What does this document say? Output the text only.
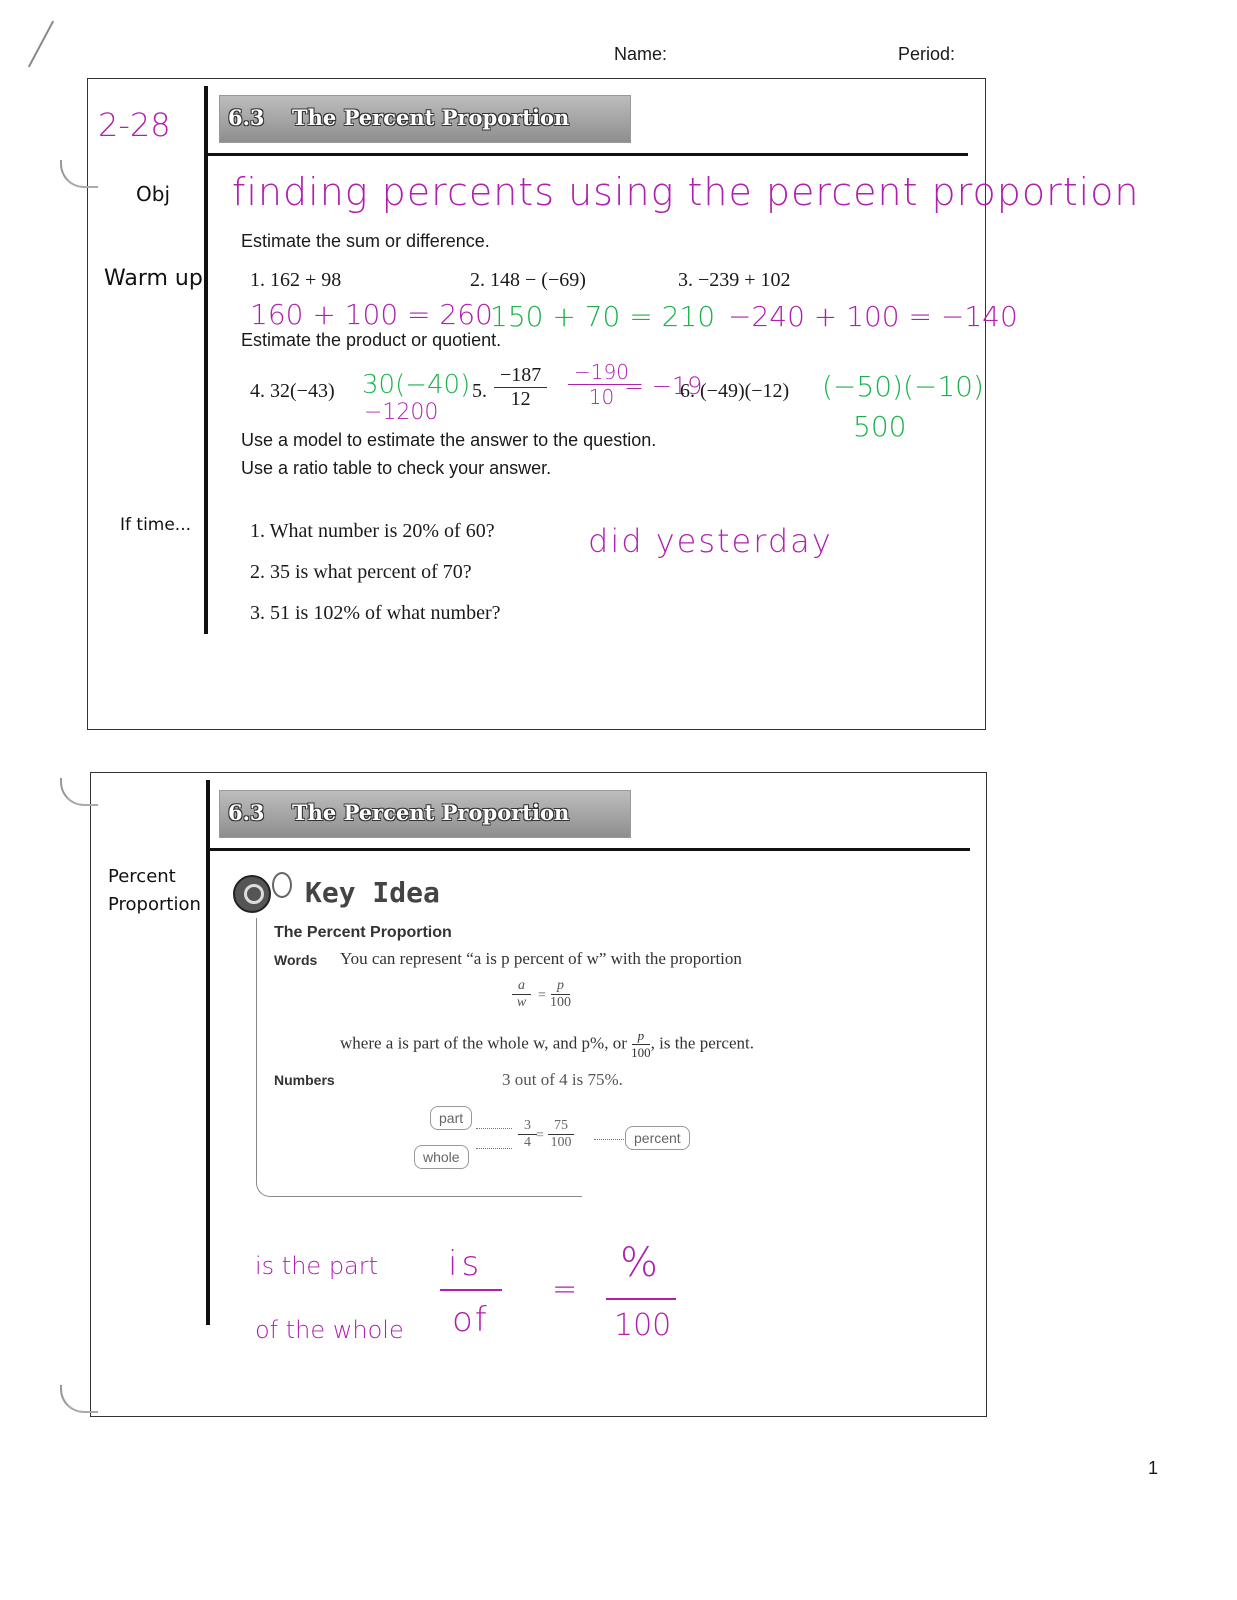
Name:	Period:
6.3 The Percent Proportion
2-28
Obj finding percents using the percent proportion
Warm up
If time...
Estimate the sum or difference.
1. 162 + 98	2. 148 − (−69)	3. −239 + 102
160 + 100 = 260
150 + 70 = 210 −240 + 100 = −140
Estimate the product or quotient.
4. 32(−43) 30(−40)
−1200
5. $\frac{-187}{12} \frac{-190}{10}$
= −19
6. (−49)(−12) (−50)(−10)
500
Use a model to estimate the answer to the question. Use a ratio table to check your answer.
1. What number is 20% of 60?
2. 35 is what percent of 70?
3. 51 is 102% of what number?
did yesterday
6.3 The Percent Proportion
Percent
Proportion	Key Idea
The Percent Proportion
Words You can represent “a is p percent of w” with the proportion
$\frac{a}{w} = \frac{p}{100}$
where a is part of the whole w, and p%, or $\frac{p}{100}$ , is the percent.
Numbers	3 out of 4 is 75%.
part
whole
percent
$\frac{3}{4} = \frac{75}{100}$
is the part
of the whole
is
of
=
%
100
1
